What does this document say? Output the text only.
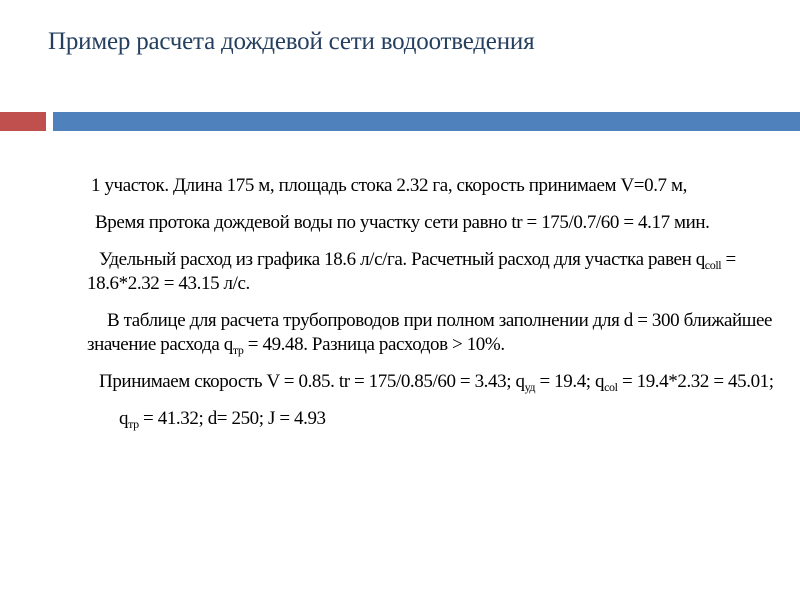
Пример расчета дождевой сети водоотведения

1 участок. Длина 175 м, площадь стока 2.32 га, скорость принимаем V=0.7 м,

Время протока дождевой воды по участку сети равно tr = 175/0.7/60 = 4.17 мин.

Удельный расход из графика 18.6 л/с/га. Расчетный расход для участка равен $q_{coll} = 18.6*2.32 = 43.15$ л/с.

В таблице для расчета трубопроводов при полном заполнении для d = 300 ближайшее значение расхода $q_{тр} = 49.48$. Разница расходов > 10%.

Принимаем скорость V = 0.85. tr = 175/0.85/60 = 3.43; $q_{уд} = 19.4$; $q_{col} = 19.4*2.32 = 45.01$;

$q_{тр} = 41.32$; d= 250; J = 4.93
